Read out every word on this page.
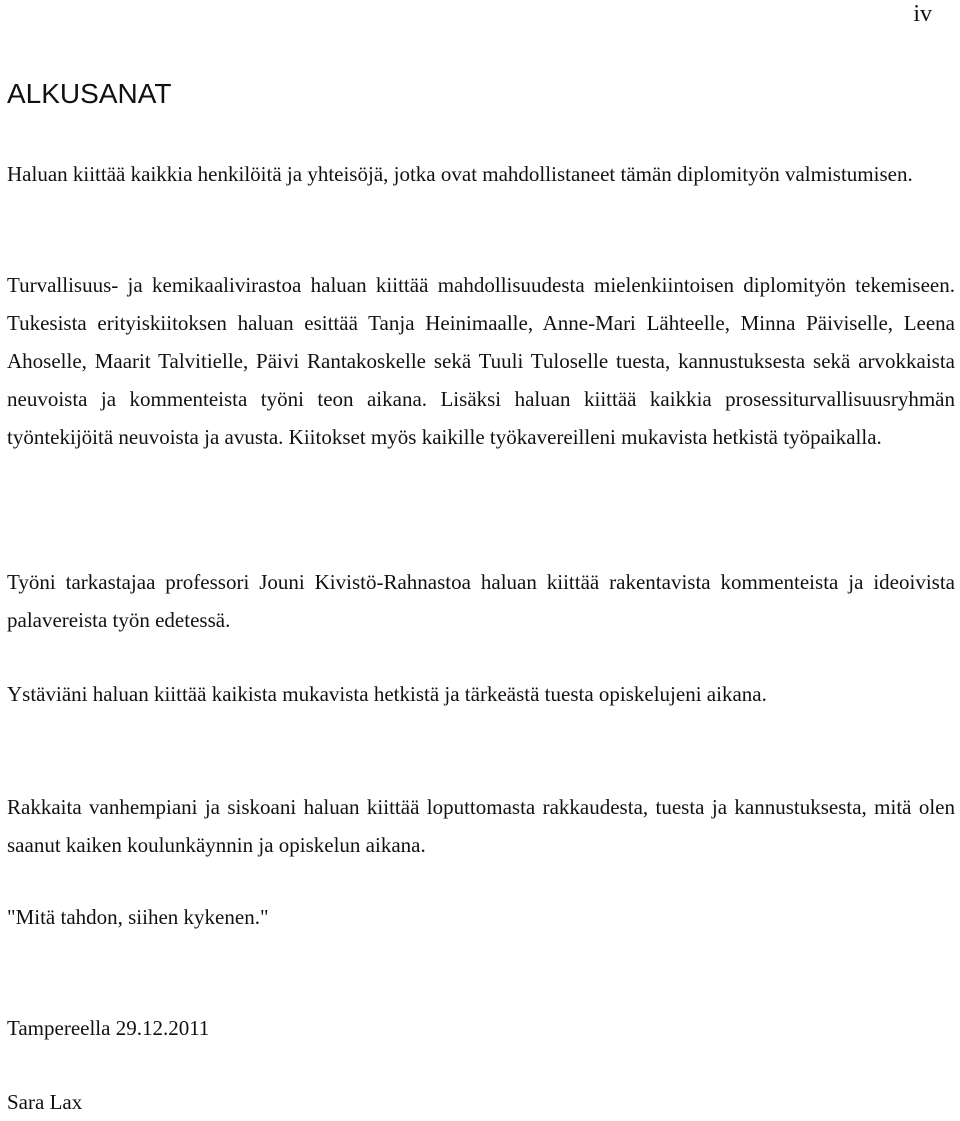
iv
ALKUSANAT

Haluan kiittää kaikkia henkilöitä ja yhteisöjä, jotka ovat mahdollistaneet tämän diplomityön valmistumisen.

Turvallisuus- ja kemikaalivirastoa haluan kiittää mahdollisuudesta mielenkiintoisen diplomityön tekemiseen. Tukesista erityiskiitoksen haluan esittää Tanja Heinimaalle, Anne-Mari Lähteelle, Minna Päiviselle, Leena Ahoselle, Maarit Talvitielle, Päivi Rantakoskelle sekä Tuuli Tuloselle tuesta, kannustuksesta sekä arvokkaista neuvoista ja kommenteista työni teon aikana. Lisäksi haluan kiittää kaikkia prosessiturvallisuusryhmän työntekijöitä neuvoista ja avusta. Kiitokset myös kaikille työkavereilleni mukavista hetkistä työpaikalla.

Työni tarkastajaa professori Jouni Kivistö-Rahnastoa haluan kiittää rakentavista kommenteista ja ideoivista palavereista työn edetessä.

Ystäviäni haluan kiittää kaikista mukavista hetkistä ja tärkeästä tuesta opiskelujeni aikana.

Rakkaita vanhempiani ja siskoani haluan kiittää loputtomasta rakkaudesta, tuesta ja kannustuksesta, mitä olen saanut kaiken koulunkäynnin ja opiskelun aikana.

"Mitä tahdon, siihen kykenen."

Tampereella 29.12.2011

Sara Lax
